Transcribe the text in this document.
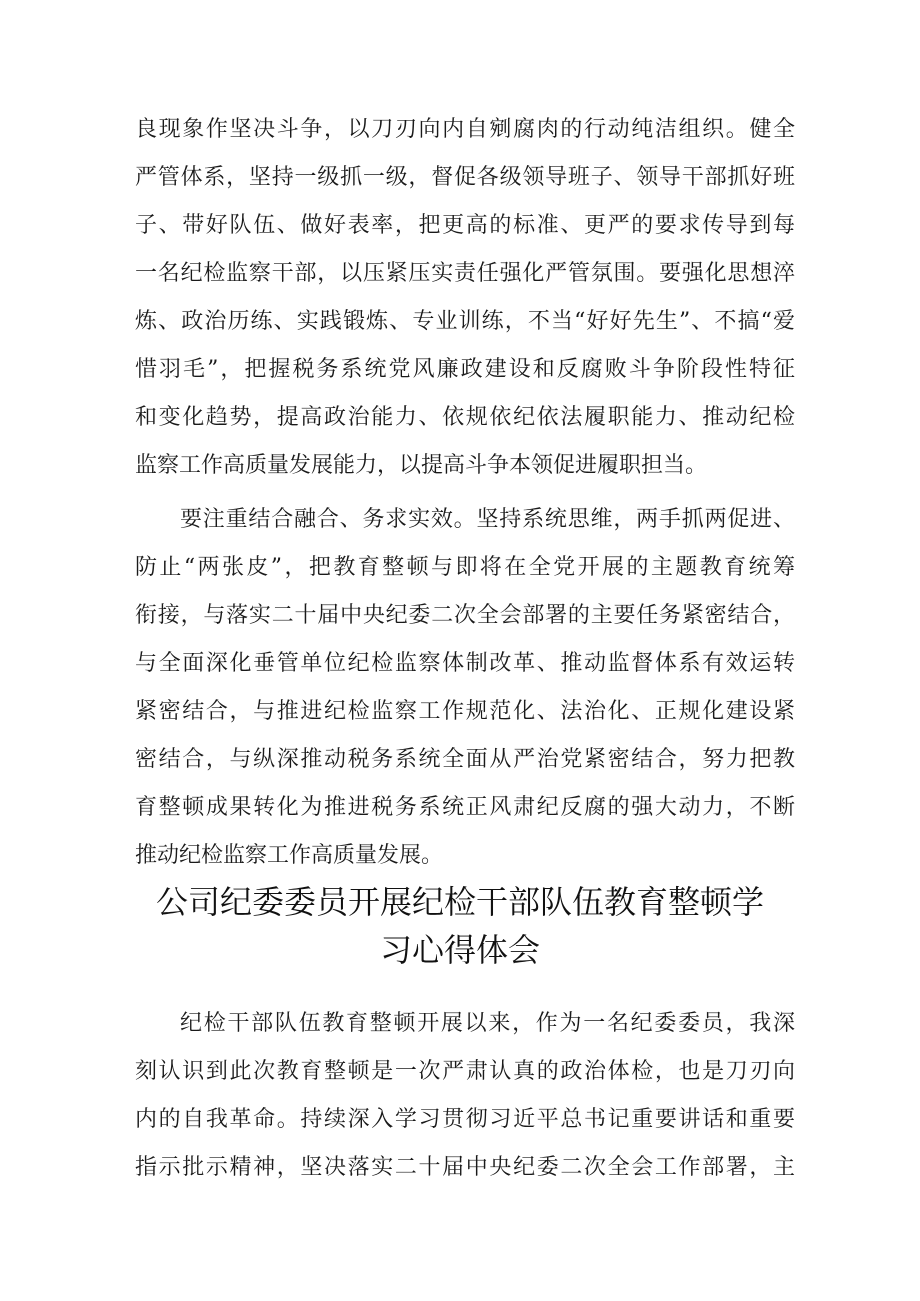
良现象作坚决斗争，以刀刃向内自剜腐肉的行动纯洁组织。健全
严管体系，坚持一级抓一级，督促各级领导班子、领导干部抓好班
子、带好队伍、做好表率，把更高的标准、更严的要求传导到每
一名纪检监察干部，以压紧压实责任强化严管氛围。要强化思想淬
炼、政治历练、实践锻炼、专业训练，不当“好好先生”、不搞“爱
惜羽毛”，把握税务系统党风廉政建设和反腐败斗争阶段性特征
和变化趋势，提高政治能力、依规依纪依法履职能力、推动纪检
监察工作高质量发展能力，以提高斗争本领促进履职担当。
要注重结合融合、务求实效。坚持系统思维，两手抓两促进、
防止“两张皮”，把教育整顿与即将在全党开展的主题教育统筹
衔接，与落实二十届中央纪委二次全会部署的主要任务紧密结合，
与全面深化垂管单位纪检监察体制改革、推动监督体系有效运转
紧密结合，与推进纪检监察工作规范化、法治化、正规化建设紧
密结合，与纵深推动税务系统全面从严治党紧密结合，努力把教
育整顿成果转化为推进税务系统正风肃纪反腐的强大动力，不断
推动纪检监察工作高质量发展。
公司纪委委员开展纪检干部队伍教育整顿学
习心得体会
纪检干部队伍教育整顿开展以来，作为一名纪委委员，我深
刻认识到此次教育整顿是一次严肃认真的政治体检，也是刀刃向
内的自我革命。持续深入学习贯彻习近平总书记重要讲话和重要
指示批示精神，坚决落实二十届中央纪委二次全会工作部署，主
